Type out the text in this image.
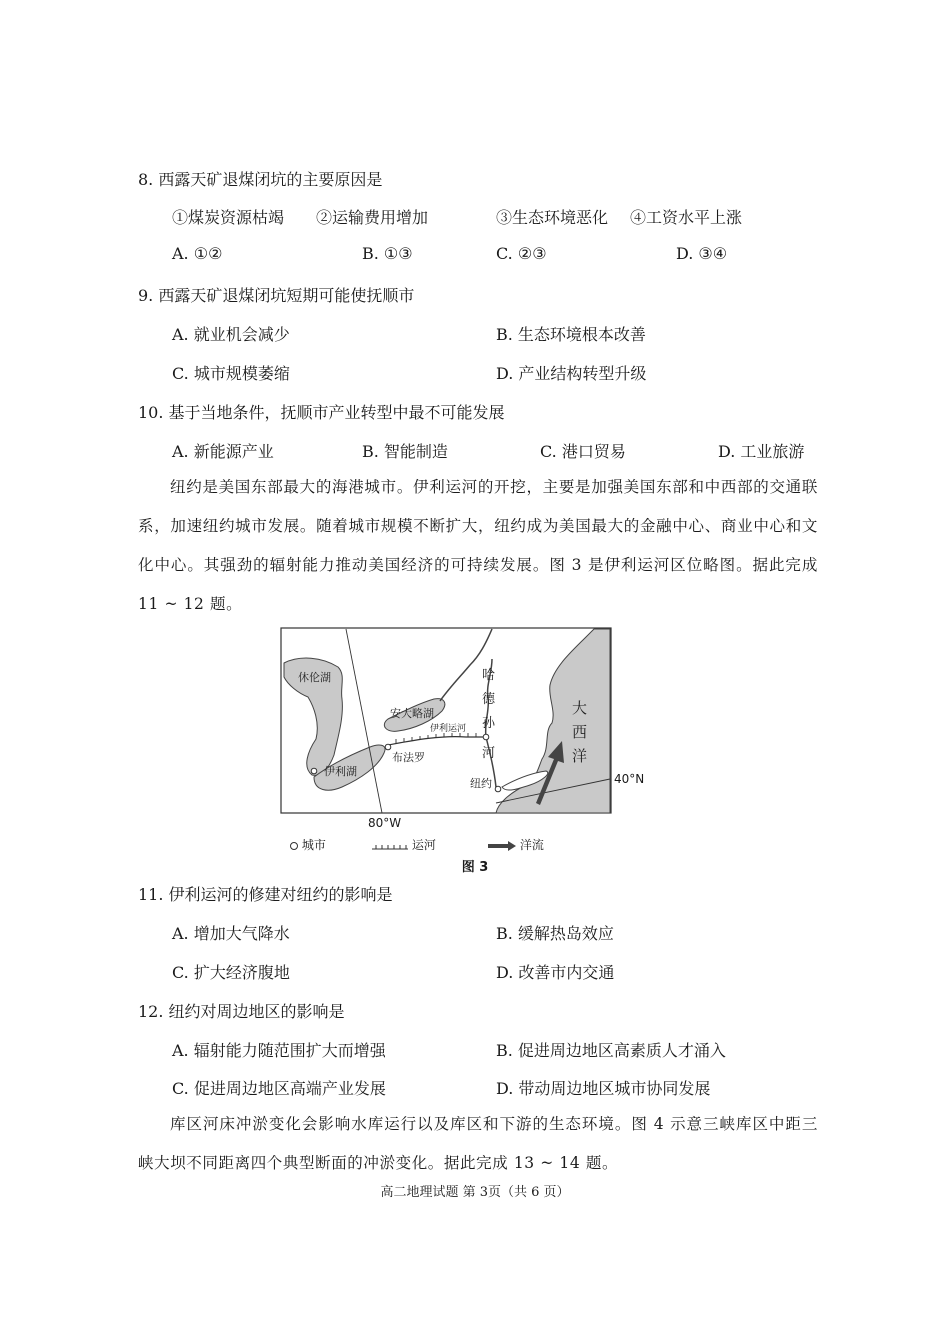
8. 西露天矿退煤闭坑的主要原因是
①煤炭资源枯竭 ②运输费用增加	③生态环境恶化 ④工资水平上涨
A. ①②	B. ①③	C. ②③	D. ③④
9. 西露天矿退煤闭坑短期可能使抚顺市
A. 就业机会减少	B. 生态环境根本改善
C. 城市规模萎缩	D. 产业结构转型升级
10. 基于当地条件，抚顺市产业转型中最不可能发展
A. 新能源产业	B. 智能制造	C. 港口贸易	D. 工业旅游
纽约是美国东部最大的海港城市。伊利运河的开挖，主要是加强美国东部和中西部的交通联系，加速纽约城市发展。随着城市规模不断扩大，纽约成为美国最大的金融中心、商业中心和文化中心。其强劲的辐射能力推动美国经济的可持续发展。图 3 是伊利运河区位略图。据此完成 11 ~ 12 题。
休伦湖
安大略湖
伊利湖
伊利运河
布法罗
纽约
哈
德
孙
河
大
西
洋
40°N
80°W
城市	运河	洋流
图 3
11. 伊利运河的修建对纽约的影响是
A. 增加大气降水	B. 缓解热岛效应
C. 扩大经济腹地	D. 改善市内交通
12. 纽约对周边地区的影响是
A. 辐射能力随范围扩大而增强	B. 促进周边地区高素质人才涌入
C. 促进周边地区高端产业发展	D. 带动周边地区城市协同发展
库区河床冲淤变化会影响水库运行以及库区和下游的生态环境。图 4 示意三峡库区中距三峡大坝不同距离四个典型断面的冲淤变化。据此完成 13 ~ 14 题。
高二地理试题 第 3页（共 6 页）
